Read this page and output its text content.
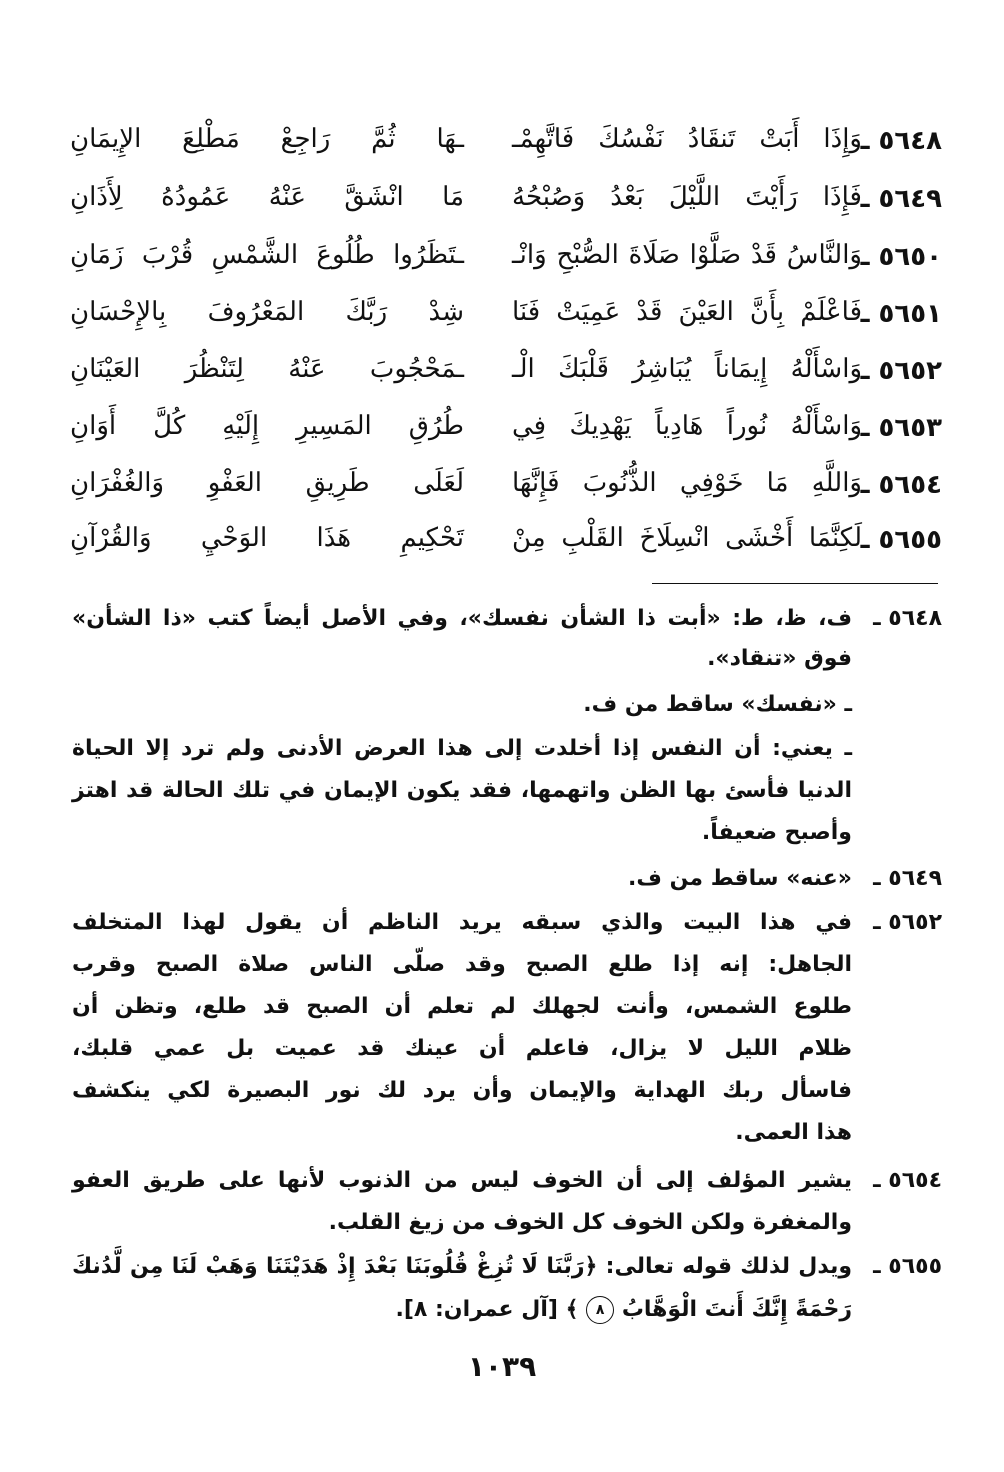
٥٦٤٨ ـ
وَإِذَا أَبَتْ تَنقَادُ نَفْسُكَ فَاتَّهِمْـ
ـهَا ثُمَّ رَاجِعْ مَطْلِعَ الإِيمَانِ
٥٦٤٩ ـ
فَإِذَا رَأَيْتَ اللَّيْلَ بَعْدُ وَصُبْحُهُ
مَا انْشَقَّ عَنْهُ عَمُودُهُ لِأَذَانِ
٥٦٥٠ ـ
وَالنَّاسُ قَدْ صَلَّوْا صَلَاةَ الصُّبْحِ وَانْـ
ـتَظَرُوا طُلُوعَ الشَّمْسِ قُرْبَ زَمَانِ
٥٦٥١ ـ
فَاعْلَمْ بِأَنَّ العَيْنَ قَدْ عَمِيَتْ فَنَا
شِدْ رَبَّكَ المَعْرُوفَ بِالإِحْسَانِ
٥٦٥٢ ـ
وَاسْأَلْهُ إِيمَاناً يُبَاشِرُ قَلْبَكَ الْـ
ـمَحْجُوبَ عَنْهُ لِتَنْظُرَ العَيْنَانِ
٥٦٥٣ ـ
وَاسْأَلْهُ نُوراً هَادِياً يَهْدِيكَ فِي
طُرُقِ المَسِيرِ إِلَيْهِ كُلَّ أَوَانِ
٥٦٥٤ ـ
وَاللَّهِ مَا خَوْفِي الذُّنُوبَ فَإِنَّهَا
لَعَلَى طَرِيقِ العَفْوِ وَالغُفْرَانِ
٥٦٥٥ ـ
لَكِنَّمَا أَخْشَى انْسِلَاخَ القَلْبِ مِنْ
تَحْكِيمِ هَذَا الوَحْيِ وَالقُرْآنِ
٥٦٤٨ ـ
ف، ظ، ط: «أبت ذا الشأن نفسك»، وفي الأصل أيضاً كتب «ذا الشأن»
فوق «تنقاد».
ـ «نفسك» ساقط من ف.
ـ يعني: أن النفس إذا أخلدت إلى هذا العرض الأدنى ولم ترد إلا الحياة
الدنيا فأسئ بها الظن واتهمها، فقد يكون الإيمان في تلك الحالة قد اهتز
وأصبح ضعيفاً.
٥٦٤٩ ـ
«عنه» ساقط من ف.
٥٦٥٢ ـ
في هذا البيت والذي سبقه يريد الناظم أن يقول لهذا المتخلف
الجاهل: إنه إذا طلع الصبح وقد صلّى الناس صلاة الصبح وقرب
طلوع الشمس، وأنت لجهلك لم تعلم أن الصبح قد طلع، وتظن أن
ظلام الليل لا يزال، فاعلم أن عينك قد عميت بل عمي قلبك،
فاسأل ربك الهداية والإيمان وأن يرد لك نور البصيرة لكي ينكشف
هذا العمى.
٥٦٥٤ ـ
يشير المؤلف إلى أن الخوف ليس من الذنوب لأنها على طريق العفو
والمغفرة ولكن الخوف كل الخوف من زيغ القلب.
٥٦٥٥ ـ
ويدل لذلك قوله تعالى: ﴿رَبَّنَا لَا تُزِغْ قُلُوبَنَا بَعْدَ إِذْ هَدَيْتَنَا وَهَبْ لَنَا مِن لَّدُنكَ
رَحْمَةً إِنَّكَ أَنتَ الْوَهَّابُ ٨ ﴾ [آل عمران: ٨].
١٠٣٩
